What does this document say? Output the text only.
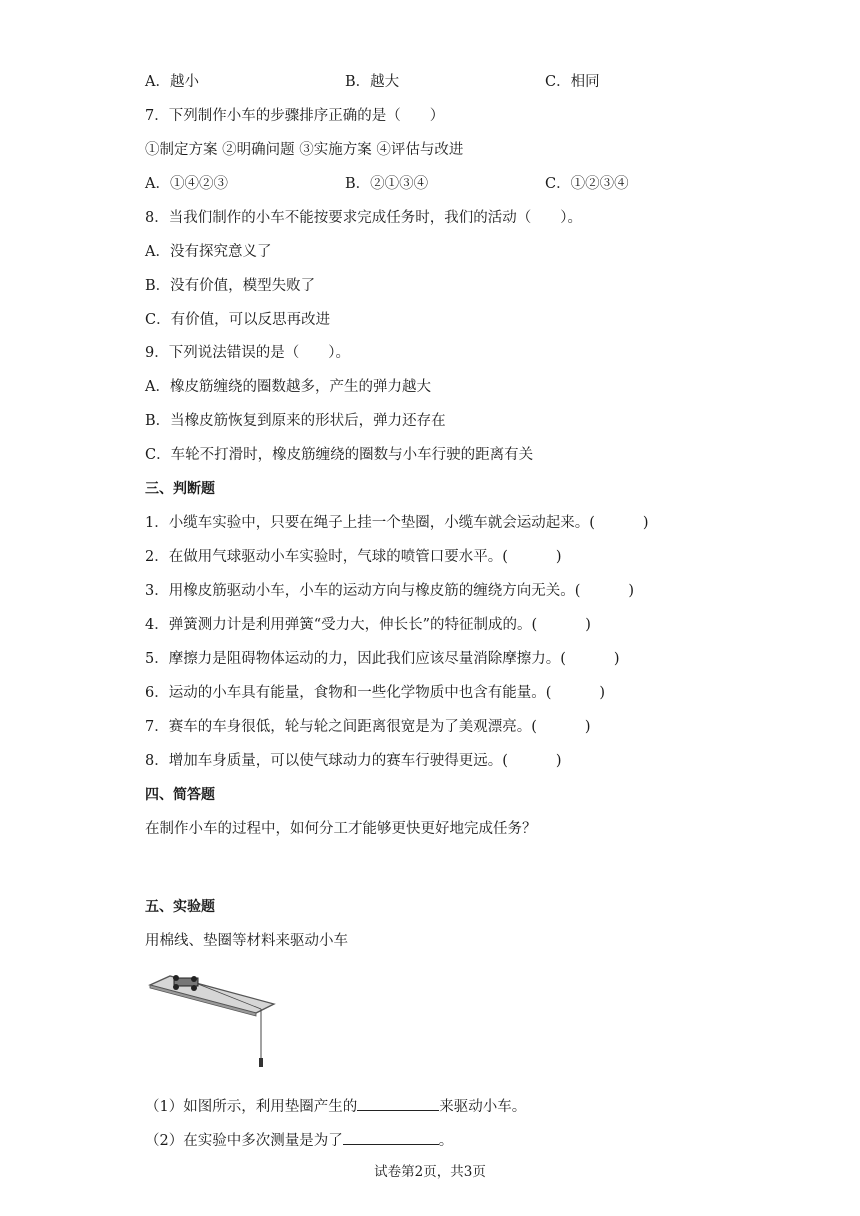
A．越小	B．越大	C．相同
7．下列制作小车的步骤排序正确的是（　　）
①制定方案 ②明确问题 ③实施方案 ④评估与改进
A．①④②③	B．②①③④	C．①②③④
8．当我们制作的小车不能按要求完成任务时，我们的活动（　　）。
A．没有探究意义了
B．没有价值，模型失败了
C．有价值，可以反思再改进
9．下列说法错误的是（　　）。
A．橡皮筋缠绕的圈数越多，产生的弹力越大
B．当橡皮筋恢复到原来的形状后，弹力还存在
C．车轮不打滑时，橡皮筋缠绕的圈数与小车行驶的距离有关
三、判断题
1．小缆车实验中，只要在绳子上挂一个垫圈，小缆车就会运动起来。(	)
2．在做用气球驱动小车实验时，气球的喷管口要水平。(	)
3．用橡皮筋驱动小车，小车的运动方向与橡皮筋的缠绕方向无关。(	)
4．弹簧测力计是利用弹簧“受力大，伸长长”的特征制成的。(	)
5．摩擦力是阻碍物体运动的力，因此我们应该尽量消除摩擦力。(	)
6．运动的小车具有能量，食物和一些化学物质中也含有能量。(	)
7．赛车的车身很低，轮与轮之间距离很宽是为了美观漂亮。(	)
8．增加车身质量，可以使气球动力的赛车行驶得更远。(	)
四、简答题
在制作小车的过程中，如何分工才能够更快更好地完成任务？
五、实验题
用棉线、垫圈等材料来驱动小车
（1）如图所示，利用垫圈产生的	来驱动小车。
（2）在实验中多次测量是为了	。
试卷第2页，共3页
